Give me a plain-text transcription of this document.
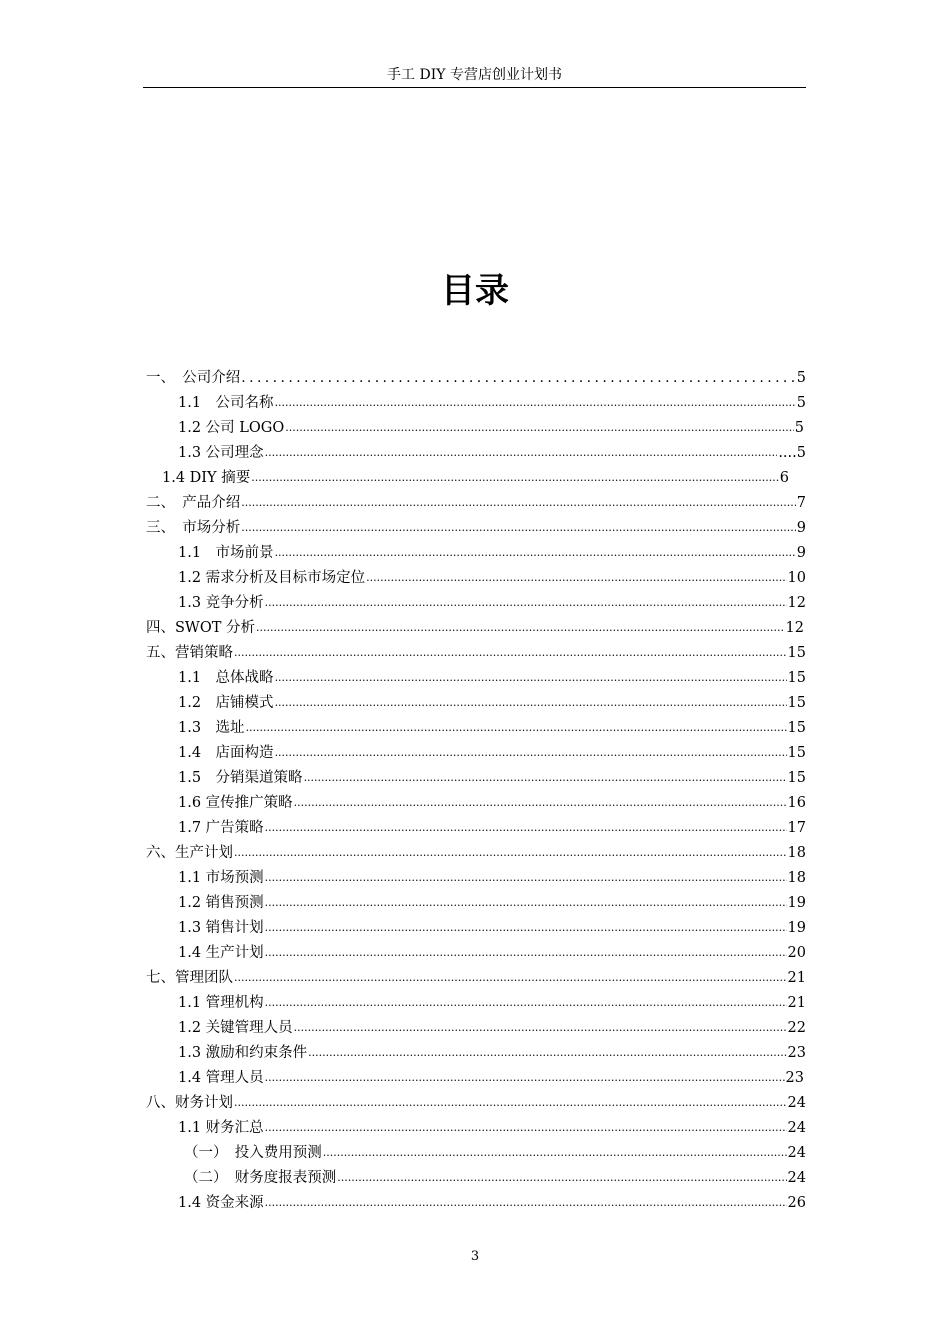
手工 DIY 专营店创业计划书
目录
一、　公司介绍 .....	5
1.1　公司名称 .....	5
1.2 公司 LOGO .....	5
1.3 公司理念 .....	....5
1.4 DIY 摘要 .....	6
二、　产品介绍 .....	7
三、　市场分析 .....	9
1.1　市场前景 .....	9
1.2 需求分析及目标市场定位 .....	10
1.3 竞争分析 .....	12
四、SWOT 分析 .....	12
五、营销策略 .....	15
1.1　总体战略 .....	15
1.2　店铺模式 .....	15
1.3　选址 .....	15
1.4　店面构造 .....	15
1.5　分销渠道策略 .....	15
1.6 宣传推广策略 .....	16
1.7 广告策略 .....	17
六、生产计划 .....	18
1.1 市场预测 .....	18
1.2 销售预测 .....	19
1.3 销售计划 .....	19
1.4 生产计划 .....	20
七、管理团队 .....	21
1.1 管理机构 .....	21
1.2 关键管理人员 .....	22
1.3 激励和约束条件 .....	23
1.4 管理人员 .....	23
八、财务计划 .....	24
1.1 财务汇总 .....	24
（一）　投入费用预测 .....	24
（二）　财务度报表预测 .....	24
1.4 资金来源 .....	26
3
